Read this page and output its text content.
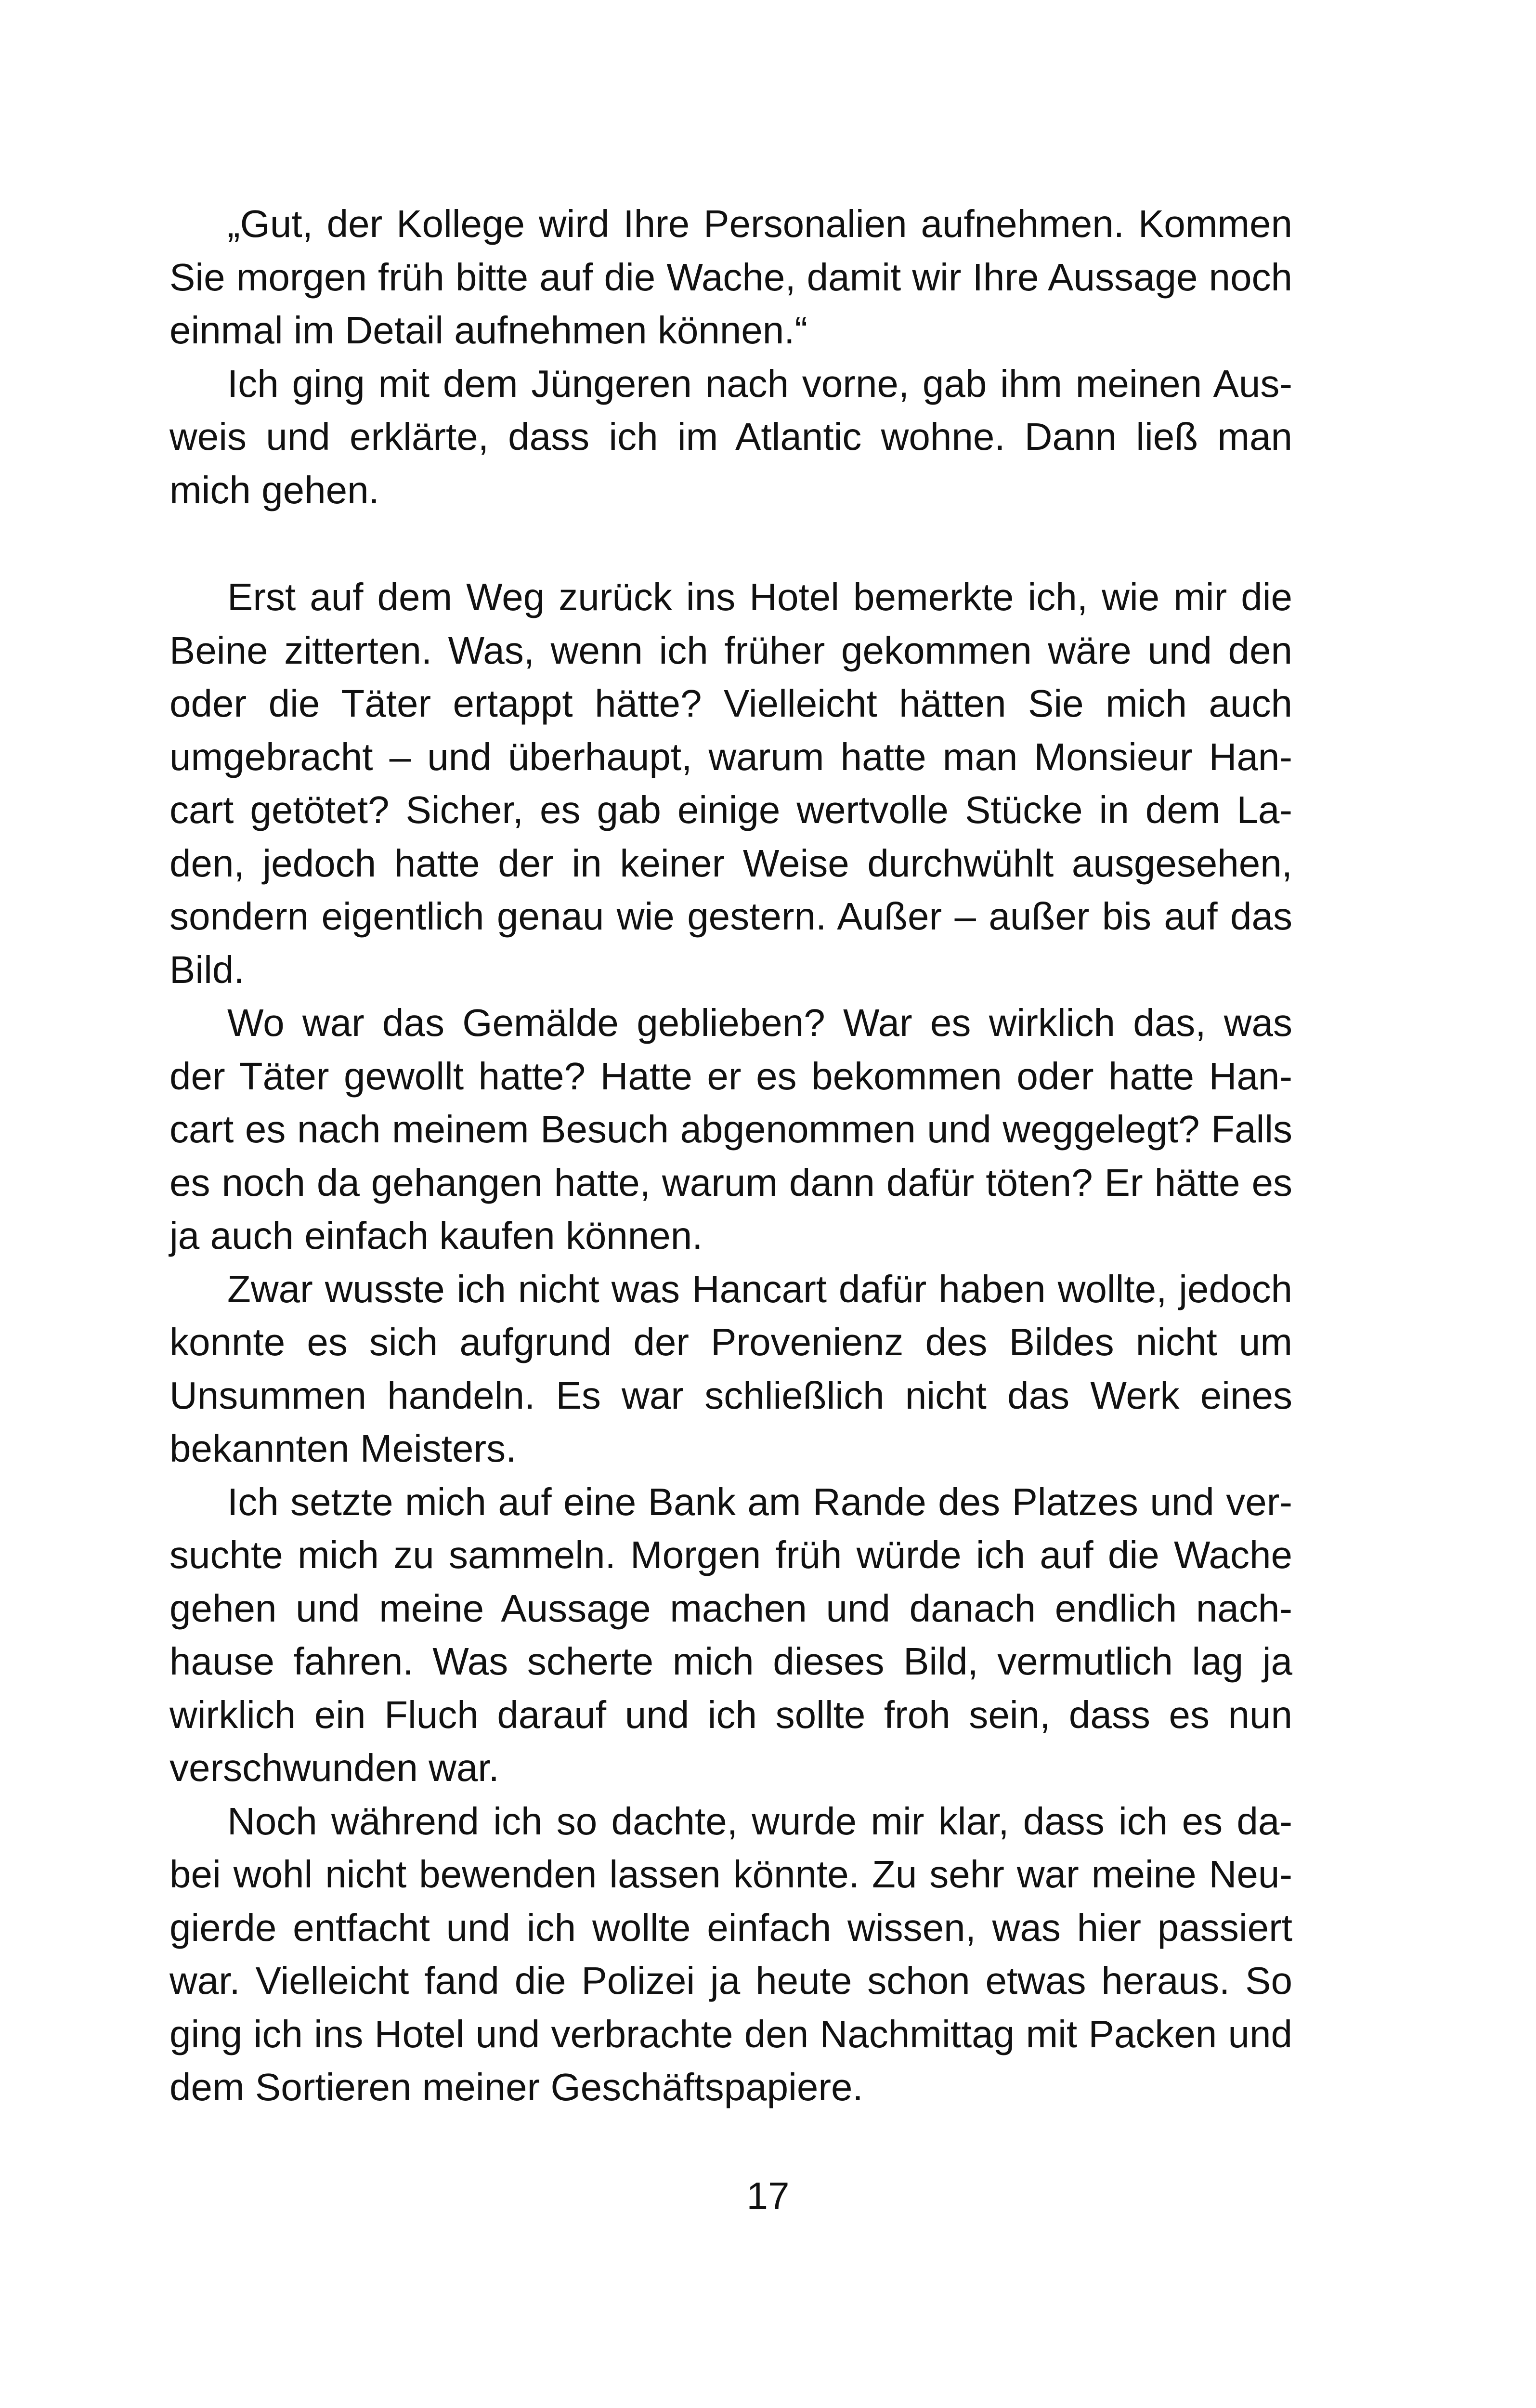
„Gut, der Kollege wird Ihre Personalien aufnehmen. Kommen Sie morgen früh bitte auf die Wache, damit wir Ihre Aussage noch einmal im Detail aufnehmen können.“

Ich ging mit dem Jüngeren nach vorne, gab ihm meinen Ausweis und erklärte, dass ich im Atlantic wohne. Dann ließ man mich gehen.

Erst auf dem Weg zurück ins Hotel bemerkte ich, wie mir die Beine zitterten. Was, wenn ich früher gekommen wäre und den oder die Täter ertappt hätte? Vielleicht hätten Sie mich auch umgebracht – und überhaupt, warum hatte man Monsieur Hancart getötet? Sicher, es gab einige wertvolle Stücke in dem Laden, jedoch hatte der in keiner Weise durchwühlt ausgesehen, sondern eigentlich genau wie gestern. Außer – außer bis auf das Bild.

Wo war das Gemälde geblieben? War es wirklich das, was der Täter gewollt hatte? Hatte er es bekommen oder hatte Hancart es nach meinem Besuch abgenommen und weggelegt? Falls es noch da gehangen hatte, warum dann dafür töten? Er hätte es ja auch einfach kaufen können.

Zwar wusste ich nicht was Hancart dafür haben wollte, jedoch konnte es sich aufgrund der Provenienz des Bildes nicht um Unsummen handeln. Es war schließlich nicht das Werk eines bekannten Meisters.

Ich setzte mich auf eine Bank am Rande des Platzes und versuchte mich zu sammeln. Morgen früh würde ich auf die Wache gehen und meine Aussage machen und danach endlich nachhause fahren. Was scherte mich dieses Bild, vermutlich lag ja wirklich ein Fluch darauf und ich sollte froh sein, dass es nun verschwunden war.

Noch während ich so dachte, wurde mir klar, dass ich es dabei wohl nicht bewenden lassen könnte. Zu sehr war meine Neugierde entfacht und ich wollte einfach wissen, was hier passiert war. Vielleicht fand die Polizei ja heute schon etwas heraus. So ging ich ins Hotel und verbrachte den Nachmittag mit Packen und dem Sortieren meiner Geschäftspapiere.

17
